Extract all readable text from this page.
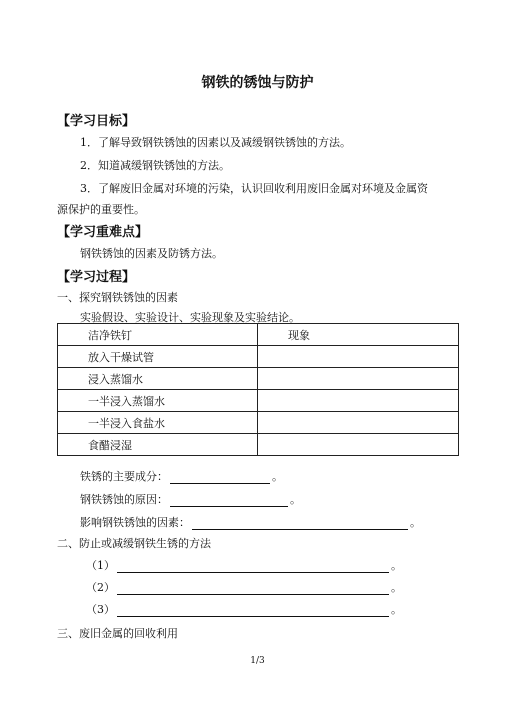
钢铁的锈蚀与防护
【学习目标】
1．了解导致钢铁锈蚀的因素以及减缓钢铁锈蚀的方法。
2．知道减缓钢铁锈蚀的方法。
3．了解废旧金属对环境的污染，认识回收利用废旧金属对环境及金属资
源保护的重要性。
【学习重难点】
钢铁锈蚀的因素及防锈方法。
【学习过程】
一、探究钢铁锈蚀的因素
实验假设、实验设计、实验现象及实验结论。
洁净铁钉	现象
放入干燥试管	
浸入蒸馏水	
一半浸入蒸馏水	
一半浸入食盐水	
食醋浸湿	
铁锈的主要成分：	。
钢铁锈蚀的原因：	。
影响钢铁锈蚀的因素：	。
二、防止或减缓钢铁生锈的方法
（1）	。
（2）	。
（3）	。
三、废旧金属的回收利用
1/3
